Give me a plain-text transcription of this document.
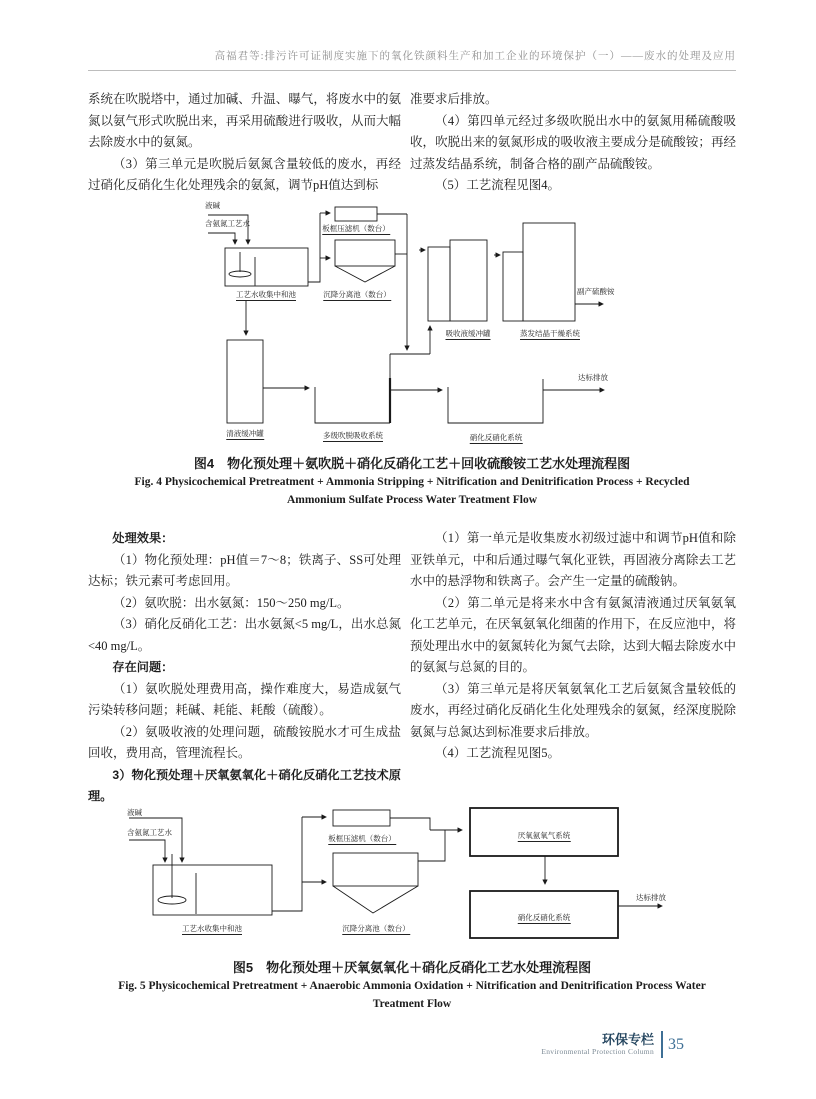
高福君等:排污许可证制度实施下的氧化铁颜料生产和加工企业的环境保护（一）——废水的处理及应用

系统在吹脱塔中，通过加碱、升温、曝气，将废水中的氨氮以氨气形式吹脱出来，再采用硫酸进行吸收，从而大幅去除废水中的氨氮。

（3）第三单元是吹脱后氨氮含量较低的废水，再经过硝化反硝化生化处理残余的氨氮，调节pH值达到标

准要求后排放。

（4）第四单元经过多级吹脱出水中的氨氮用稀硫酸吸收，吹脱出来的氨氮形成的吸收液主要成分是硫酸铵；再经过蒸发结晶系统，制备合格的副产品硫酸铵。

（5）工艺流程见图4。

液碱
含氨氮工艺水
工艺水收集中和池
板框压滤机（数台）
沉降分离池（数台）
吸收液缓冲罐	蒸发结晶干燥系统
副产硫酸铵
清液缓冲罐	多级吹脱吸收系统	硝化反硝化系统
达标排放
图4　物化预处理＋氨吹脱＋硝化反硝化工艺＋回收硫酸铵工艺水处理流程图
Fig. 4 Physicochemical Pretreatment + Ammonia Stripping + Nitrification and Denitrification Process + Recycled
Ammonium Sulfate Process Water Treatment Flow

处理效果：

（1）物化预处理：pH值＝7～8；铁离子、SS可处理达标；铁元素可考虑回用。

（2）氨吹脱：出水氨氮：150～250 mg/L。

（3）硝化反硝化工艺：出水氨氮<5 mg/L，出水总氮<40 mg/L。

存在问题：

（1）氨吹脱处理费用高，操作难度大，易造成氨气污染转移问题；耗碱、耗能、耗酸（硫酸）。

（2）氨吸收液的处理问题，硫酸铵脱水才可生成盐回收，费用高，管理流程长。

3）物化预处理＋厌氧氨氧化＋硝化反硝化工艺技术原理。

（1）第一单元是收集废水初级过滤中和调节pH值和除亚铁单元，中和后通过曝气氧化亚铁，再固液分离除去工艺水中的悬浮物和铁离子。会产生一定量的硫酸钠。

（2）第二单元是将来水中含有氨氮清液通过厌氧氨氧化工艺单元，在厌氧氨氧化细菌的作用下，在反应池中，将预处理出水中的氨氮转化为氮气去除，达到大幅去除废水中的氨氮与总氮的目的。

（3）第三单元是将厌氧氨氧化工艺后氨氮含量较低的废水，再经过硝化反硝化生化处理残余的氨氮，经深度脱除氨氮与总氮达到标准要求后排放。

（4）工艺流程见图5。

液碱
含氨氮工艺水
工艺水收集中和池
板框压滤机（数台）
沉降分离池（数台）
厌氧氨氧气系统
硝化反硝化系统
达标排放
图5　物化预处理＋厌氧氨氧化＋硝化反硝化工艺水处理流程图
Fig. 5 Physicochemical Pretreatment + Anaerobic Ammonia Oxidation + Nitrification and Denitrification Process Water
Treatment Flow
环保专栏
Environmental Protection Column 35
